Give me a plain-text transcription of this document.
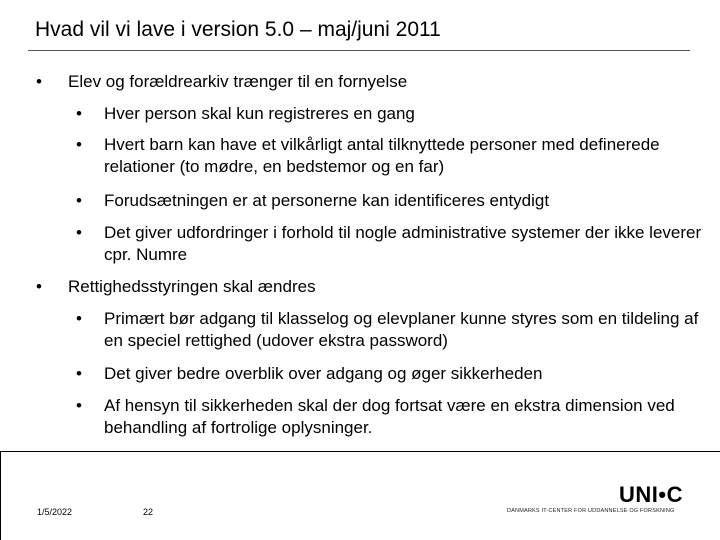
Hvad vil vi lave i version 5.0 – maj/juni 2011
• Elev og forældrearkiv trænger til en fornyelse
• Hver person skal kun registreres en gang
• Hvert barn kan have et vilkårligt antal tilknyttede personer med definerede relationer (to mødre, en bedstemor og en far)
• Forudsætningen er at personerne kan identificeres entydigt
• Det giver udfordringer i forhold til nogle administrative systemer der ikke leverer cpr. Numre
• Rettighedsstyringen skal ændres
• Primært bør adgang til klasselog og elevplaner kunne styres som en tildeling af en speciel rettighed (udover ekstra password)
• Det giver bedre overblik over adgang og øger sikkerheden
• Af hensyn til sikkerheden skal der dog fortsat være en ekstra dimension ved behandling af fortrolige oplysninger.
1/5/2022	22
UNI•C
DANMARKS IT-CENTER FOR UDDANNELSE OG FORSKNING
